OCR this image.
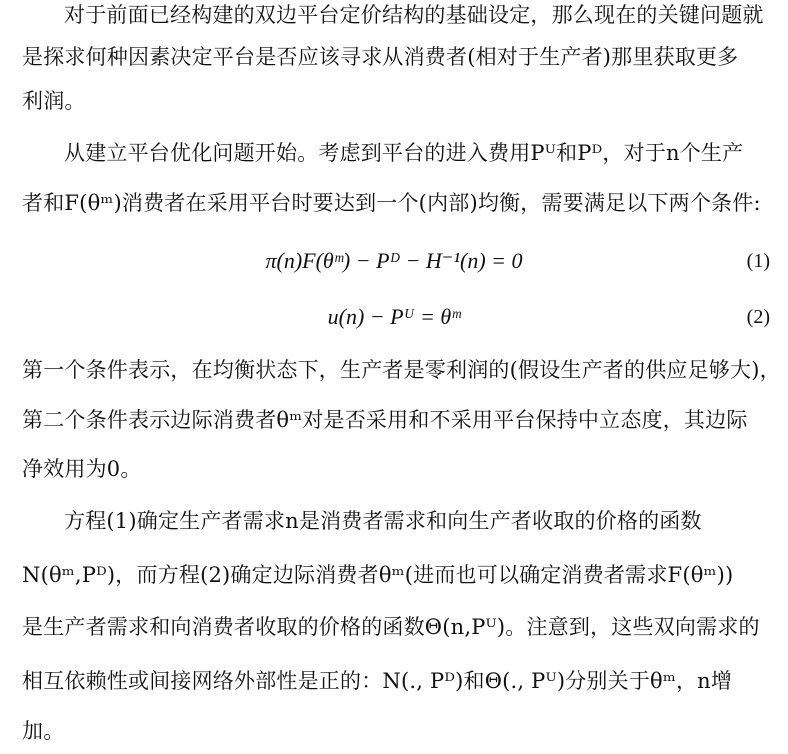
对于前面已经构建的双边平台定价结构的基础设定，那么现在的关键问题就
是探求何种因素决定平台是否应该寻求从消费者(相对于生产者)那里获取更多
利润。
从建立平台优化问题开始。考虑到平台的进入费用Pᵁ和Pᴰ，对于n个生产
者和F(θᵐ)消费者在采用平台时要达到一个(内部)均衡，需要满足以下两个条件:
π(n)F(θᵐ) − Pᴰ − H⁻¹(n) = 0	(1)
u(n) − Pᵁ = θᵐ	(2)
第一个条件表示，在均衡状态下，生产者是零利润的(假设生产者的供应足够大)，
第二个条件表示边际消费者θᵐ对是否采用和不采用平台保持中立态度，其边际
净效用为0。
方程(1)确定生产者需求n是消费者需求和向生产者收取的价格的函数
N(θᵐ,Pᴰ)，而方程(2)确定边际消费者θᵐ(进而也可以确定消费者需求F(θᵐ))
是生产者需求和向消费者收取的价格的函数Θ(n,Pᵁ)。注意到，这些双向需求的
相互依赖性或间接网络外部性是正的：N(., Pᴰ)和Θ(., Pᵁ)分别关于θᵐ，n增
加。
